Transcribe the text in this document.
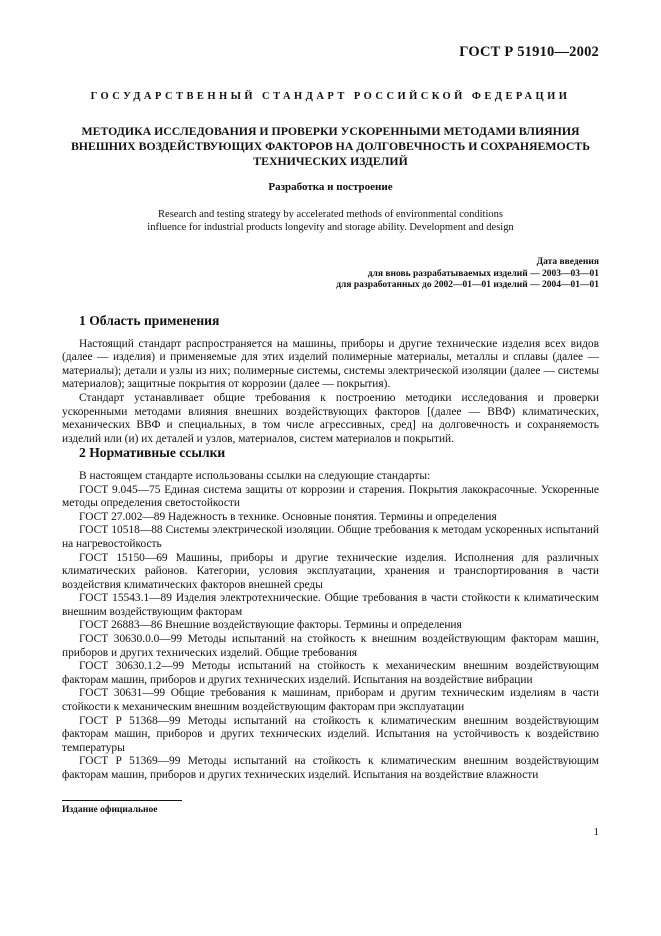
ГОСТ Р 51910—2002
ГОСУДАРСТВЕННЫЙ СТАНДАРТ РОССИЙСКОЙ ФЕДЕРАЦИИ
МЕТОДИКА ИССЛЕДОВАНИЯ И ПРОВЕРКИ УСКОРЕННЫМИ МЕТОДАМИ ВЛИЯНИЯ
ВНЕШНИХ ВОЗДЕЙСТВУЮЩИХ ФАКТОРОВ НА ДОЛГОВЕЧНОСТЬ И СОХРАНЯЕМОСТЬ
ТЕХНИЧЕСКИХ ИЗДЕЛИЙ
Разработка и построение
Research and testing strategy by accelerated methods of environmental conditions
influence for industrial products longevity and storage ability. Development and design
Дата введения
для вновь разрабатываемых изделий — 2003—03—01
для разработанных до 2002—01—01 изделий — 2004—01—01
1 Область применения

Настоящий стандарт распространяется на машины, приборы и другие технические изделия всех видов (далее — изделия) и применяемые для этих изделий полимерные материалы, металлы и сплавы (далее — материалы); детали и узлы из них; полимерные системы, системы электрической изоляции (далее — системы материалов); защитные покрытия от коррозии (далее — покрытия).

Стандарт устанавливает общие требования к построению методики исследования и проверки ускоренными методами влияния внешних воздействующих факторов [(далее — ВВФ) климатических, механических ВВФ и специальных, в том числе агрессивных, сред] на долговечность и сохраняемость изделий или (и) их деталей и узлов, материалов, систем материалов и покрытий.

2 Нормативные ссылки

В настоящем стандарте использованы ссылки на следующие стандарты:

ГОСТ 9.045—75 Единая система защиты от коррозии и старения. Покрытия лакокрасочные. Ускоренные методы определения светостойкости

ГОСТ 27.002—89 Надежность в технике. Основные понятия. Термины и определения

ГОСТ 10518—88 Системы электрической изоляции. Общие требования к методам ускоренных испытаний на нагревостойкость

ГОСТ 15150—69 Машины, приборы и другие технические изделия. Исполнения для различных климатических районов. Категории, условия эксплуатации, хранения и транспортирования в части воздействия климатических факторов внешней среды

ГОСТ 15543.1—89 Изделия электротехнические. Общие требования в части стойкости к климатическим внешним воздействующим факторам

ГОСТ 26883—86 Внешние воздействующие факторы. Термины и определения

ГОСТ 30630.0.0—99 Методы испытаний на стойкость к внешним воздействующим факторам машин, приборов и других технических изделий. Общие требования

ГОСТ 30630.1.2—99 Методы испытаний на стойкость к механическим внешним воздействующим факторам машин, приборов и других технических изделий. Испытания на воздействие вибрации

ГОСТ 30631—99 Общие требования к машинам, приборам и другим техническим изделиям в части стойкости к механическим внешним воздействующим факторам при эксплуатации

ГОСТ Р 51368—99 Методы испытаний на стойкость к климатическим внешним воздействующим факторам машин, приборов и других технических изделий. Испытания на устойчивость к воздействию температуры

ГОСТ Р 51369—99 Методы испытаний на стойкость к климатическим внешним воздействующим факторам машин, приборов и других технических изделий. Испытания на воздействие влажности

Издание официальное
1
